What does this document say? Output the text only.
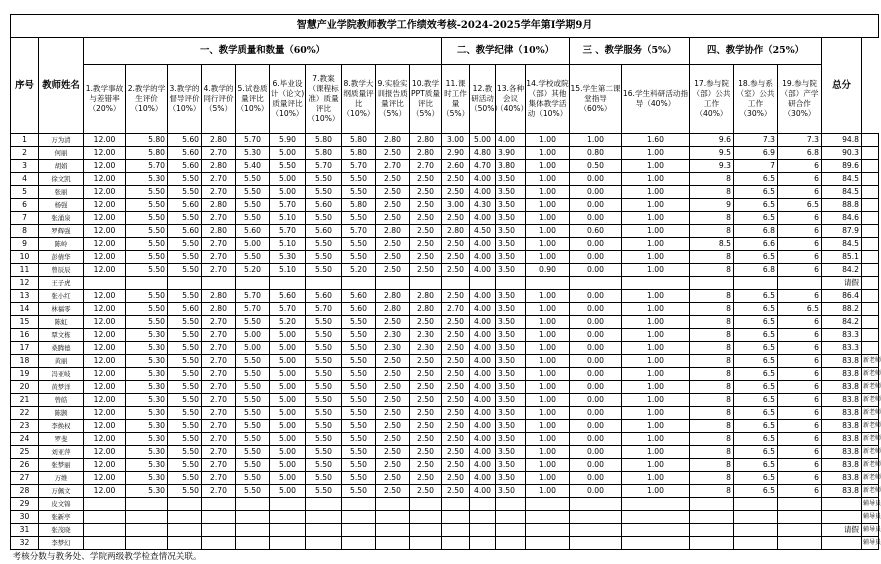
智慧产业学院教师教学工作绩效考核-2024-2025学年第I学期9月																						
序号	教师姓名	一、教学质量和数量（60%）										二、教学纪律（10%）				三 、教学服务（5%）		四、教学协作（25%）			总分	
		1.教学事故与差错率（20%）	2.教学的学生评价（10%）	3.教学的督导评价（10%）	4.教学的同行评价（5%）	5.试卷质量评比（10%）	6.毕业设计（论文)质量评比（10%）	7.教案（课程标准）质量评比（10%）	8.教学大纲质量评比（10%）	9.实验实训报告质量评比（5%）	10.教学PPT质量评比（5%）	11.课时工作量（5%）	12.教研活动（50%）	13.各种会议（40%）	14.学校或院（部）其他集体教学活动（10%）	15.学生第二课堂指导（60%）	16.学生科研活动指导（40%）	17.参与院（部）公共工作（40%）	18.参与系（室）公共工作（30%）	19.参与院（部）产学研合作（30%）		
1	万为清	12.00	5.80	5.60	2.80	5.70	5.90	5.80	5.80	2.80	2.80	3.00	5.00	4.00	1.00	1.00	1.60	9.6	7.3	7.3	94.8	
2	何丽	12.00	5.80	5.60	2.70	5.30	5.00	5.80	5.80	2.50	2.80	2.90	4.80	3.90	1.00	0.80	1.00	9.5	6.9	6.8	90.3	
3	胡娟	12.00	5.70	5.60	2.80	5.40	5.50	5.70	5.70	2.70	2.70	2.60	4.70	3.80	1.00	0.50	1.00	9.3	7	6	89.6	
4	徐文凯	12.00	5.30	5.50	2.70	5.50	5.00	5.50	5.50	2.50	2.50	2.50	4.00	3.50	1.00	0.00	1.00	8	6.5	6	84.5	
5	张丽	12.00	5.50	5.50	2.70	5.50	5.00	5.50	5.50	2.50	2.50	2.50	4.00	3.50	1.00	0.00	1.00	8	6.5	6	84.5	
6	杨强	12.00	5.50	5.60	2.80	5.50	5.70	5.60	5.80	2.50	2.50	3.00	4.30	3.50	1.00	0.00	1.00	9	6.5	6.5	88.8	
7	张涌泉	12.00	5.50	5.50	2.70	5.50	5.10	5.50	5.50	2.50	2.50	2.50	4.00	3.50	1.00	0.00	1.00	8	6.5	6	84.6	
8	罗辉强	12.00	5.50	5.60	2.80	5.60	5.70	5.60	5.70	2.80	2.50	2.80	4.50	3.50	1.00	0.60	1.00	8	6.8	6	87.9	
9	陈岭	12.00	5.50	5.50	2.70	5.00	5.10	5.50	5.50	2.50	2.50	2.50	4.00	3.50	1.00	0.00	1.00	8.5	6.6	6	84.5	
10	彭倩华	12.00	5.50	5.50	2.70	5.50	5.30	5.50	5.50	2.50	2.50	2.50	4.00	3.50	1.00	0.00	1.00	8	6.5	6	85.1	
11	曾辰辰	12.00	5.50	5.50	2.70	5.20	5.10	5.50	5.20	2.50	2.50	2.50	4.00	3.50	0.90	0.00	1.00	8	6.8	6	84.2	
12	王子虎																				请假	
13	张小红	12.00	5.50	5.50	2.80	5.70	5.60	5.60	5.60	2.80	2.80	2.50	4.00	3.50	1.00	0.00	1.00	8	6.5	6	86.4	
14	林福零	12.00	5.50	5.60	2.80	5.70	5.70	5.70	5.60	2.80	2.80	2.70	4.00	3.50	1.00	0.00	1.00	8	6.5	6.5	88.2	
15	陈虹	12.00	5.50	5.50	2.70	5.50	5.20	5.50	5.50	2.50	2.50	2.50	4.00	3.50	1.00	0.00	1.00	8	6.5	6	84.2	
16	覃文栋	12.00	5.30	5.50	2.70	5.00	5.00	5.50	5.50	2.30	2.30	2.50	4.00	3.50	1.00	0.00	1.00	8	6.5	6	83.3	
17	桑腾德	12.00	5.30	5.50	2.70	5.00	5.00	5.50	5.50	2.30	2.30	2.50	4.00	3.50	1.00	0.00	1.00	8	6.5	6	83.3	
18	黄丽	12.00	5.30	5.50	2.70	5.50	5.00	5.50	5.50	2.50	2.50	2.50	4.00	3.50	1.00	0.00	1.00	8	6.5	6	83.8	新老师
19	冯亚岐	12.00	5.30	5.50	2.70	5.50	5.00	5.50	5.50	2.50	2.50	2.50	4.00	3.50	1.00	0.00	1.00	8	6.5	6	83.8	新老师
20	黄梦洋	12.00	5.30	5.50	2.70	5.50	5.00	5.50	5.50	2.50	2.50	2.50	4.00	3.50	1.00	0.00	1.00	8	6.5	6	83.8	新老师
21	曾皓	12.00	5.30	5.50	2.70	5.50	5.00	5.50	5.50	2.50	2.50	2.50	4.00	3.50	1.00	0.00	1.00	8	6.5	6	83.8	新老师
22	陈颢	12.00	5.30	5.50	2.70	5.50	5.00	5.50	5.50	2.50	2.50	2.50	4.00	3.50	1.00	0.00	1.00	8	6.5	6	83.8	新老师
23	李焕权	12.00	5.30	5.50	2.70	5.50	5.00	5.50	5.50	2.50	2.50	2.50	4.00	3.50	1.00	0.00	1.00	8	6.5	6	83.8	新老师
24	罗斐	12.00	5.30	5.50	2.70	5.50	5.00	5.50	5.50	2.50	2.50	2.50	4.00	3.50	1.00	0.00	1.00	8	6.5	6	83.8	新老师
25	刘亚萍	12.00	5.30	5.50	2.70	5.50	5.00	5.50	5.50	2.50	2.50	2.50	4.00	3.50	1.00	0.00	1.00	8	6.5	6	83.8	新老师
26	张梦丽	12.00	5.30	5.50	2.70	5.50	5.00	5.50	5.50	2.50	2.50	2.50	4.00	3.50	1.00	0.00	1.00	8	6.5	6	83.8	新老师
27	万维	12.00	5.30	5.50	2.70	5.50	5.00	5.50	5.50	2.50	2.50	2.50	4.00	3.50	1.00	0.00	1.00	8	6.5	6	83.8	新老师
28	万佩文	12.00	5.30	5.50	2.70	5.50	5.00	5.50	5.50	2.50	2.50	2.50	4.00	3.50	1.00	0.00	1.00	8	6.5	6	83.8	新老师
29	皮文锦																					辅导员
30	张新亭																					辅导员
31	张茂晓																				请假	辅导员
32	李梦幻																					辅导员
考核分数与教务处、学院两级教学检查情况关联。																						
